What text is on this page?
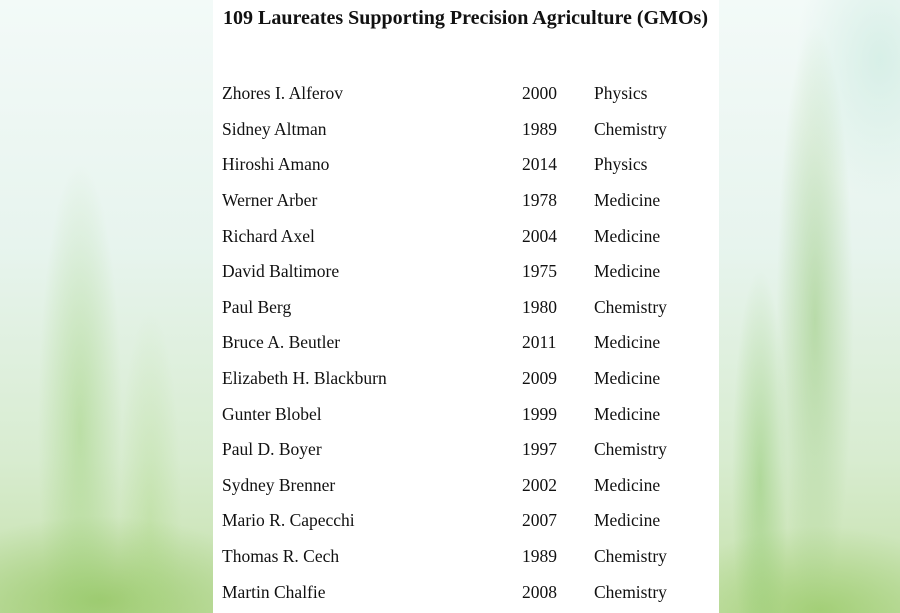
109 Laureates Supporting Precision Agriculture (GMOs)
Zhores I. Alferov	2000	Physics
Sidney Altman	1989	Chemistry
Hiroshi Amano	2014	Physics
Werner Arber	1978	Medicine
Richard Axel	2004	Medicine
David Baltimore	1975	Medicine
Paul Berg	1980	Chemistry
Bruce A. Beutler	2011	Medicine
Elizabeth H. Blackburn	2009	Medicine
Gunter Blobel	1999	Medicine
Paul D. Boyer	1997	Chemistry
Sydney Brenner	2002	Medicine
Mario R. Capecchi	2007	Medicine
Thomas R. Cech	1989	Chemistry
Martin Chalfie	2008	Chemistry
